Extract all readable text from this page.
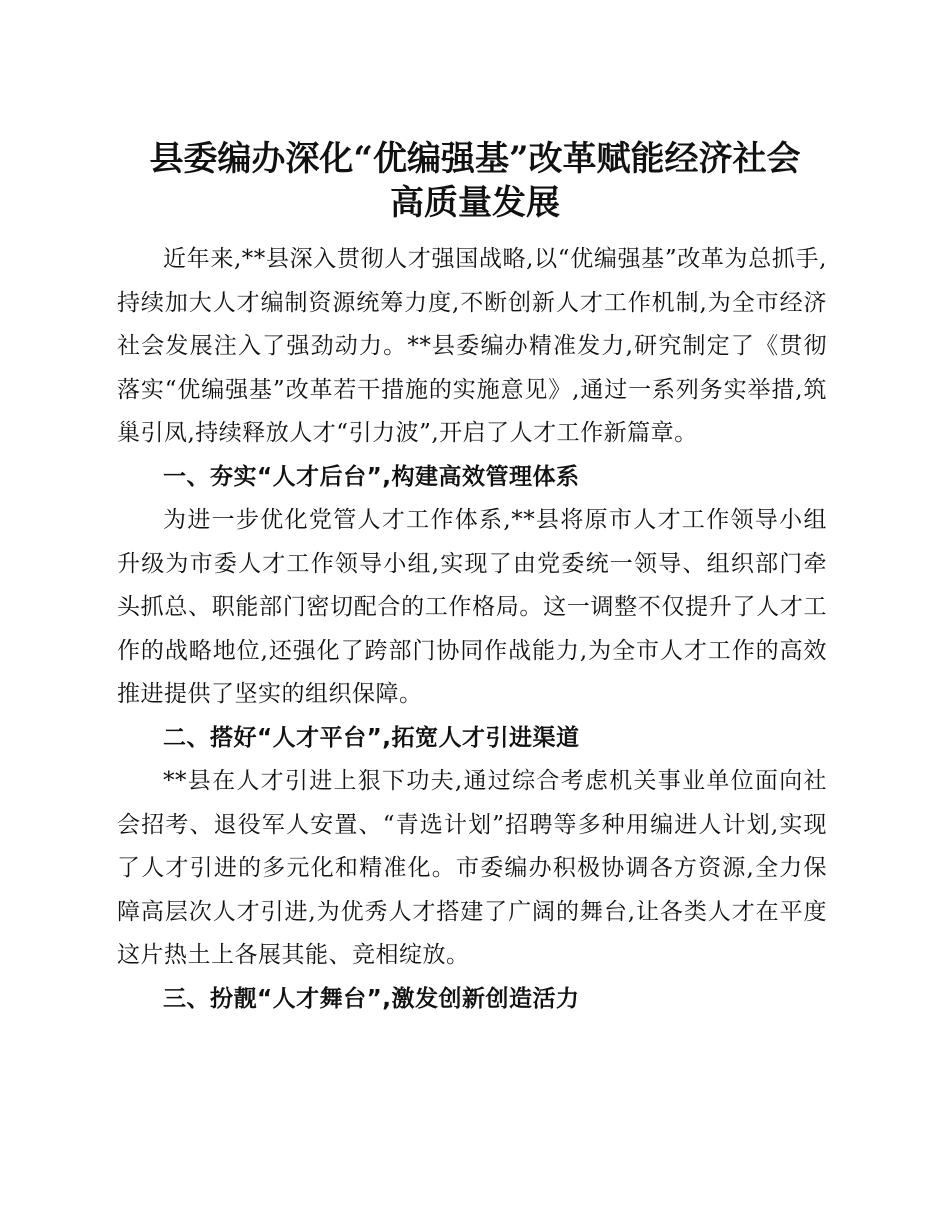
县委编办深化“优编强基”改革赋能经济社会
高质量发展

近年来,**县深入贯彻人才强国战略,以“优编强基”改革为总抓手,持续加大人才编制资源统筹力度,不断创新人才工作机制,为全市经济社会发展注入了强劲动力。**县委编办精准发力,研究制定了《贯彻落实“优编强基”改革若干措施的实施意见》,通过一系列务实举措,筑巢引凤,持续释放人才“引力波”,开启了人才工作新篇章。

一、夯实“人才后台”,构建高效管理体系

为进一步优化党管人才工作体系,**县将原市人才工作领导小组升级为市委人才工作领导小组,实现了由党委统一领导、组织部门牵头抓总、职能部门密切配合的工作格局。这一调整不仅提升了人才工作的战略地位,还强化了跨部门协同作战能力,为全市人才工作的高效推进提供了坚实的组织保障。

二、搭好“人才平台”,拓宽人才引进渠道

**县在人才引进上狠下功夫,通过综合考虑机关事业单位面向社会招考、退役军人安置、“青选计划”招聘等多种用编进人计划,实现了人才引进的多元化和精准化。市委编办积极协调各方资源,全力保障高层次人才引进,为优秀人才搭建了广阔的舞台,让各类人才在平度这片热土上各展其能、竞相绽放。

三、扮靓“人才舞台”,激发创新创造活力
